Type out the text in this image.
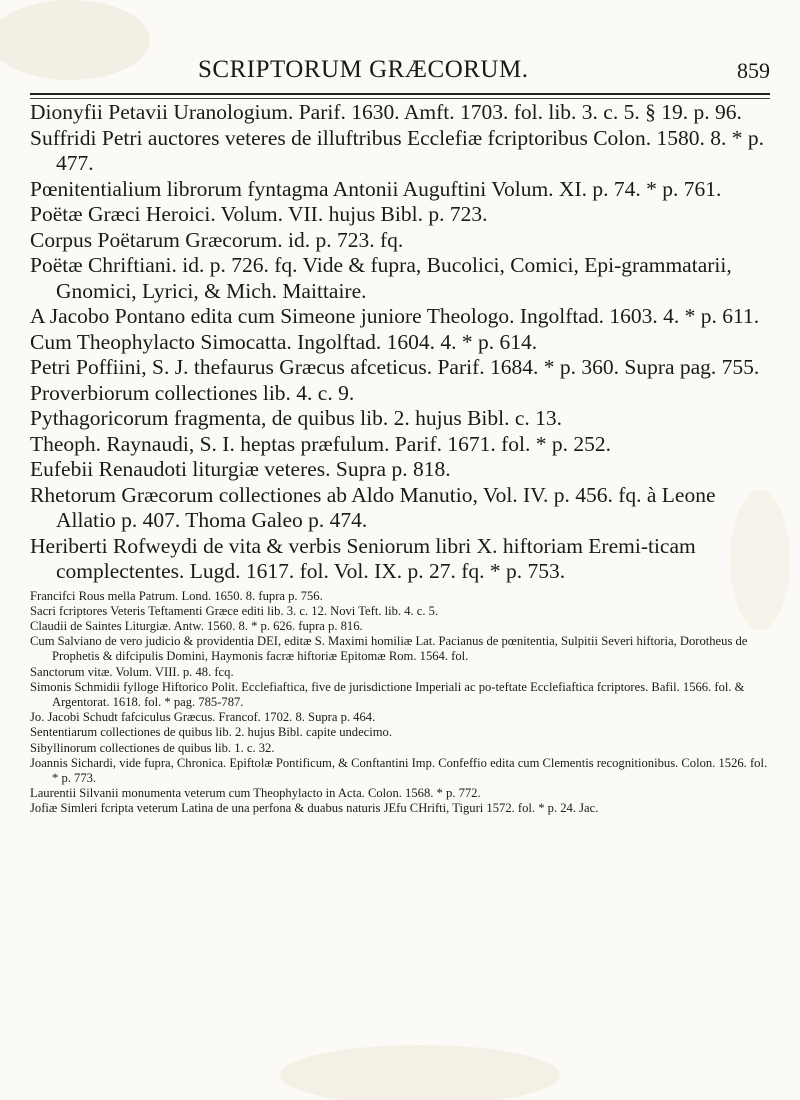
SCRIPTORUM GRÆCORUM.	859

Dionyfii Petavii Uranologium. Parif. 1630. Amft. 1703. fol. lib. 3. c. 5. § 19. p. 96.

Suffridi Petri auctores veteres de illuftribus Ecclefiæ fcriptoribus Colon. 1580. 8. * p. 477.

Pœnitentialium librorum fyntagma Antonii Auguftini Volum. XI. p. 74. * p. 761.

Poëtæ Græci Heroici. Volum. VII. hujus Bibl. p. 723.

Corpus Poëtarum Græcorum. id. p. 723. fq.

Poëtæ Chriftiani. id. p. 726. fq. Vide & fupra, Bucolici, Comici, Epi-grammatarii, Gnomici, Lyrici, & Mich. Maittaire.

A Jacobo Pontano edita cum Simeone juniore Theologo. Ingolftad. 1603. 4. * p. 611.

Cum Theophylacto Simocatta. Ingolftad. 1604. 4. * p. 614.

Petri Poffiini, S. J. thefaurus Græcus afceticus. Parif. 1684. * p. 360. Supra pag. 755.

Proverbiorum collectiones lib. 4. c. 9.

Pythagoricorum fragmenta, de quibus lib. 2. hujus Bibl. c. 13.

Theoph. Raynaudi, S. I. heptas præfulum. Parif. 1671. fol. * p. 252.

Eufebii Renaudoti liturgiæ veteres. Supra p. 818.

Rhetorum Græcorum collectiones ab Aldo Manutio, Vol. IV. p. 456. fq. à Leone Allatio p. 407. Thoma Galeo p. 474.

Heriberti Rofweydi de vita & verbis Seniorum libri X. hiftoriam Eremi-ticam complectentes. Lugd. 1617. fol. Vol. IX. p. 27. fq. * p. 753.

Francifci Rous mella Patrum. Lond. 1650. 8. fupra p. 756.

Sacri fcriptores Veteris Teftamenti Græce editi lib. 3. c. 12. Novi Teft. lib. 4. c. 5.

Claudii de Saintes Liturgiæ. Antw. 1560. 8. * p. 626. fupra p. 816.

Cum Salviano de vero judicio & providentia DEI, editæ S. Maximi homiliæ Lat. Pacianus de pœnitentia, Sulpitii Severi hiftoria, Dorotheus de Prophetis & difcipulis Domini, Haymonis facræ hiftoriæ Epitomæ Rom. 1564. fol.

Sanctorum vitæ. Volum. VIII. p. 48. fcq.

Simonis Schmidii fylloge Hiftorico Polit. Ecclefiaftica, five de jurisdictione Imperiali ac po-teftate Ecclefiaftica fcriptores. Bafil. 1566. fol. & Argentorat. 1618. fol. * pag. 785-787.

Jo. Jacobi Schudt fafciculus Græcus. Francof. 1702. 8. Supra p. 464.

Sententiarum collectiones de quibus lib. 2. hujus Bibl. capite undecimo.

Sibyllinorum collectiones de quibus lib. 1. c. 32.

Joannis Sichardi, vide fupra, Chronica. Epiftolæ Pontificum, & Conftantini Imp. Confeffio edita cum Clementis recognitionibus. Colon. 1526. fol. * p. 773.

Laurentii Silvanii monumenta veterum cum Theophylacto in Acta. Colon. 1568. * p. 772.

Jofiæ Simleri fcripta veterum Latina de una perfona & duabus naturis JEfu CHrifti, Tiguri 1572. fol. * p. 24. Jac.
